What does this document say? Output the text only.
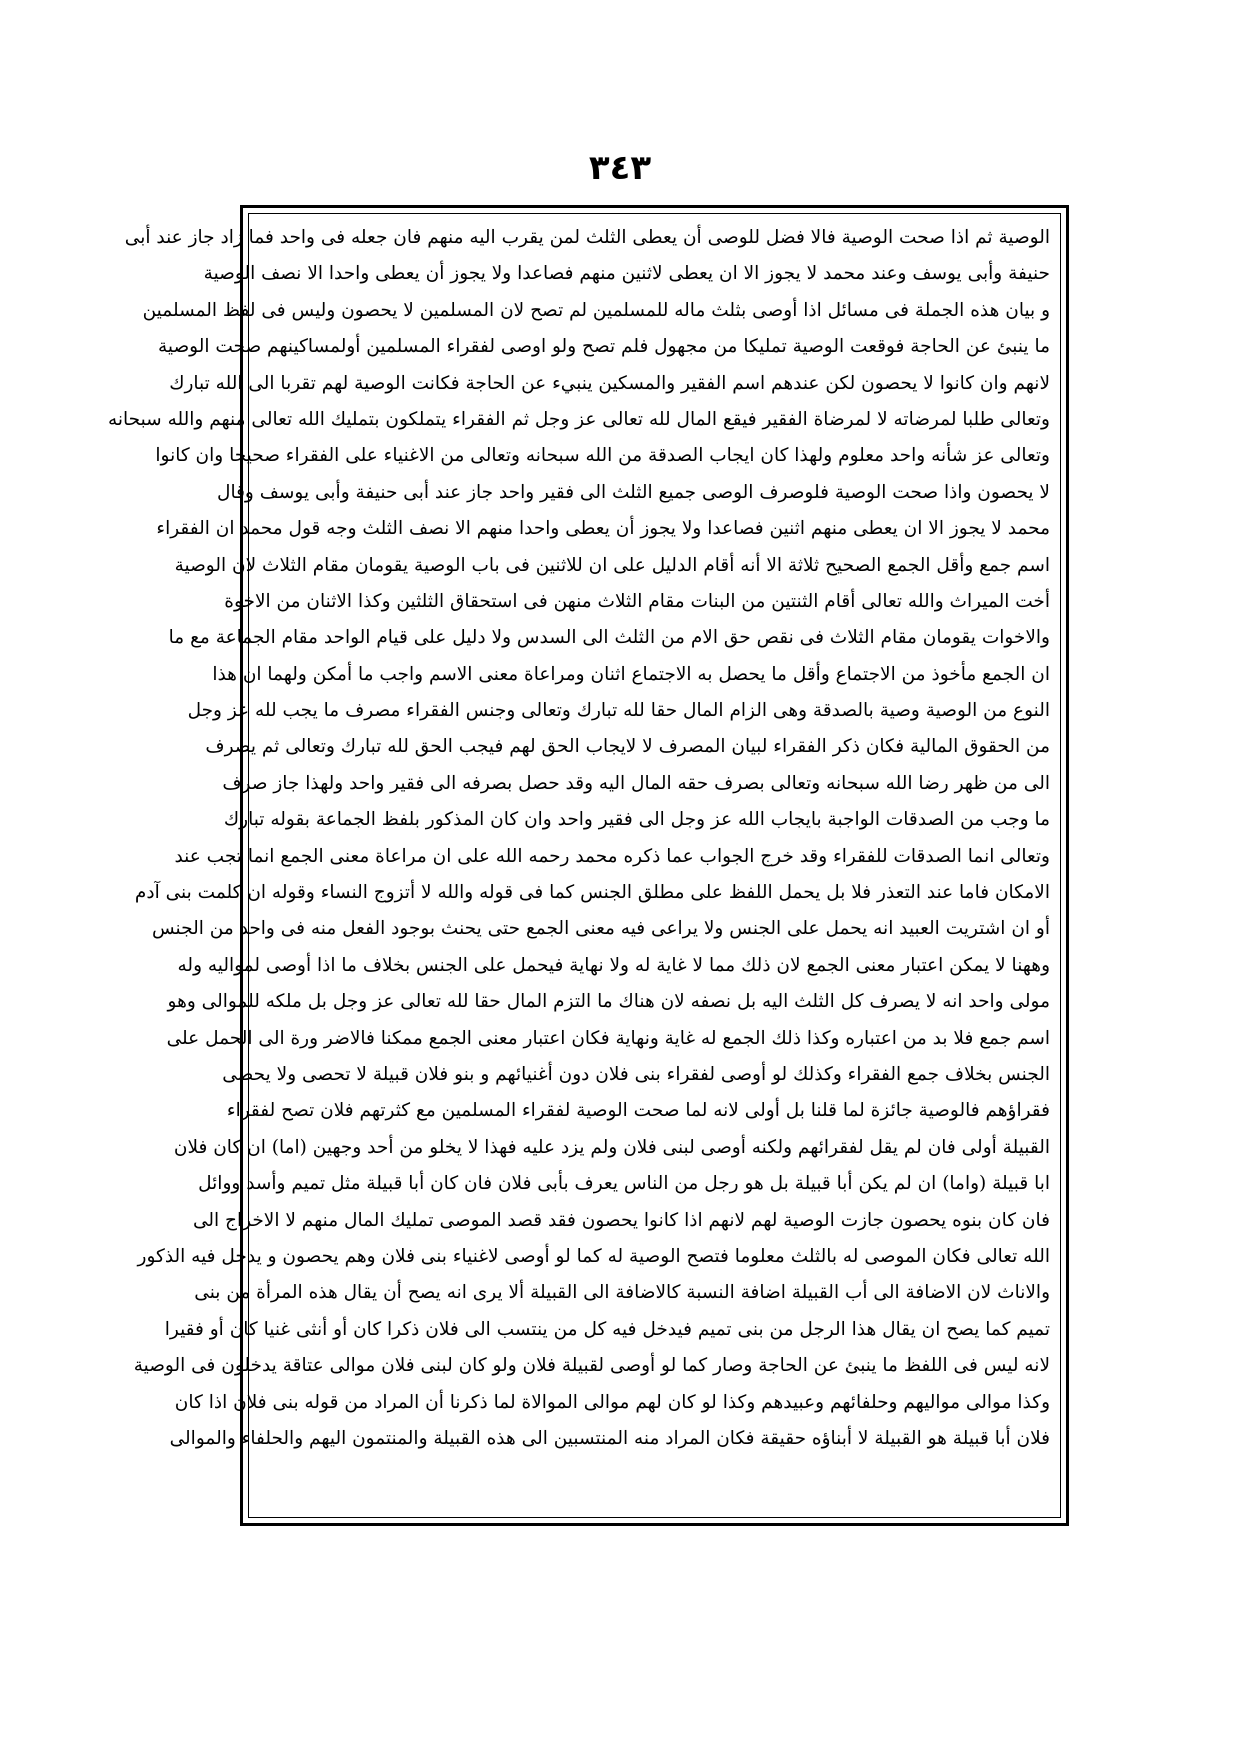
٣٤٣
الوصية ثم اذا صحت الوصية فالا فضل للوصى أن يعطى الثلث لمن يقرب اليه منهم فان جعله فى واحد فما زاد جاز عند أبى
حنيفة وأبى يوسف وعند محمد لا يجوز الا ان يعطى لاثنين منهم فصاعدا ولا يجوز أن يعطى واحدا الا نصف الوصية
و بيان هذه الجملة فى مسائل اذا أوصى بثلث ماله للمسلمين لم تصح لان المسلمين لا يحصون وليس فى لفظ المسلمين
ما ينبئ عن الحاجة فوقعت الوصية تمليكا من مجهول فلم تصح ولو اوصى لفقراء المسلمين أولمساكينهم صحت الوصية
لانهم وان كانوا لا يحصون لكن عندهم اسم الفقير والمسكين ينبيء عن الحاجة فكانت الوصية لهم تقربا الى الله تبارك
وتعالى طلبا لمرضاته لا لمرضاة الفقير فيقع المال لله تعالى عز وجل ثم الفقراء يتملكون بتمليك الله تعالى منهم والله سبحانه
وتعالى عز شأنه واحد معلوم ولهذا كان ايجاب الصدقة من الله سبحانه وتعالى من الاغنياء على الفقراء صحيحا وان كانوا
لا يحصون واذا صحت الوصية فلوصرف الوصى جميع الثلث الى فقير واحد جاز عند أبى حنيفة وأبى يوسف وقال
محمد لا يجوز الا ان يعطى منهم اثنين فصاعدا ولا يجوز أن يعطى واحدا منهم الا نصف الثلث وجه قول محمد ان الفقراء
اسم جمع وأقل الجمع الصحيح ثلاثة الا أنه أقام الدليل على ان للاثنين فى باب الوصية يقومان مقام الثلاث لان الوصية
أخت الميراث والله تعالى أقام الثنتين من البنات مقام الثلاث منهن فى استحقاق الثلثين وكذا الاثنان من الاخوة
والاخوات يقومان مقام الثلاث فى نقص حق الام من الثلث الى السدس ولا دليل على قيام الواحد مقام الجماعة مع ما
ان الجمع مأخوذ من الاجتماع وأقل ما يحصل به الاجتماع اثنان ومراعاة معنى الاسم واجب ما أمكن ولهما ان هذا
النوع من الوصية وصية بالصدقة وهى الزام المال حقا لله تبارك وتعالى وجنس الفقراء مصرف ما يجب لله عز وجل
من الحقوق المالية فكان ذكر الفقراء لبيان المصرف لا لايجاب الحق لهم فيجب الحق لله تبارك وتعالى ثم يصرف
الى من ظهر رضا الله سبحانه وتعالى بصرف حقه المال اليه وقد حصل بصرفه الى فقير واحد ولهذا جاز صرف
ما وجب من الصدقات الواجبة بايجاب الله عز وجل الى فقير واحد وان كان المذكور بلفظ الجماعة بقوله تبارك
وتعالى انما الصدقات للفقراء وقد خرج الجواب عما ذكره محمد رحمه الله على ان مراعاة معنى الجمع انما تجب عند
الامكان فاما عند التعذر فلا بل يحمل اللفظ على مطلق الجنس كما فى قوله والله لا أتزوج النساء وقوله ان كلمت بنى آدم
أو ان اشتريت العبيد انه يحمل على الجنس ولا يراعى فيه معنى الجمع حتى يحنث بوجود الفعل منه فى واحد من الجنس
وههنا لا يمكن اعتبار معنى الجمع لان ذلك مما لا غاية له ولا نهاية فيحمل على الجنس بخلاف ما اذا أوصى لمواليه وله
مولى واحد انه لا يصرف كل الثلث اليه بل نصفه لان هناك ما التزم المال حقا لله تعالى عز وجل بل ملكه للموالى وهو
اسم جمع فلا بد من اعتباره وكذا ذلك الجمع له غاية ونهاية فكان اعتبار معنى الجمع ممكنا فالاضر ورة الى الحمل على
الجنس بخلاف جمع الفقراء وكذلك لو أوصى لفقراء بنى فلان دون أغنيائهم و بنو فلان قبيلة لا تحصى ولا يحصى
فقراؤهم فالوصية جائزة لما قلنا بل أولى لانه لما صحت الوصية لفقراء المسلمين مع كثرتهم فلان تصح لفقراء
القبيلة أولى فان لم يقل لفقرائهم ولكنه أوصى لبنى فلان ولم يزد عليه فهذا لا يخلو من أحد وجهين (اما) ان كان فلان
ابا قبيلة (واما) ان لم يكن أبا قبيلة بل هو رجل من الناس يعرف بأبى فلان فان كان أبا قبيلة مثل تميم وأسد ووائل
فان كان بنوه يحصون جازت الوصية لهم لانهم اذا كانوا يحصون فقد قصد الموصى تمليك المال منهم لا الاخراج الى
الله تعالى فكان الموصى له بالثلث معلوما فتصح الوصية له كما لو أوصى لاغنياء بنى فلان وهم يحصون و يدخل فيه الذكور
والاناث لان الاضافة الى أب القبيلة اضافة النسبة كالاضافة الى القبيلة ألا يرى انه يصح أن يقال هذه المرأة من بنى
تميم كما يصح ان يقال هذا الرجل من بنى تميم فيدخل فيه كل من ينتسب الى فلان ذكرا كان أو أنثى غنيا كان أو فقيرا
لانه ليس فى اللفظ ما ينبئ عن الحاجة وصار كما لو أوصى لقبيلة فلان ولو كان لبنى فلان موالى عتاقة يدخلون فى الوصية
وكذا موالى مواليهم وحلفائهم وعبيدهم وكذا لو كان لهم موالى الموالاة لما ذكرنا أن المراد من قوله بنى فلان اذا كان
فلان أبا قبيلة هو القبيلة لا أبناؤه حقيقة فكان المراد منه المنتسبين الى هذه القبيلة والمنتمون اليهم والحلفاء والموالى
